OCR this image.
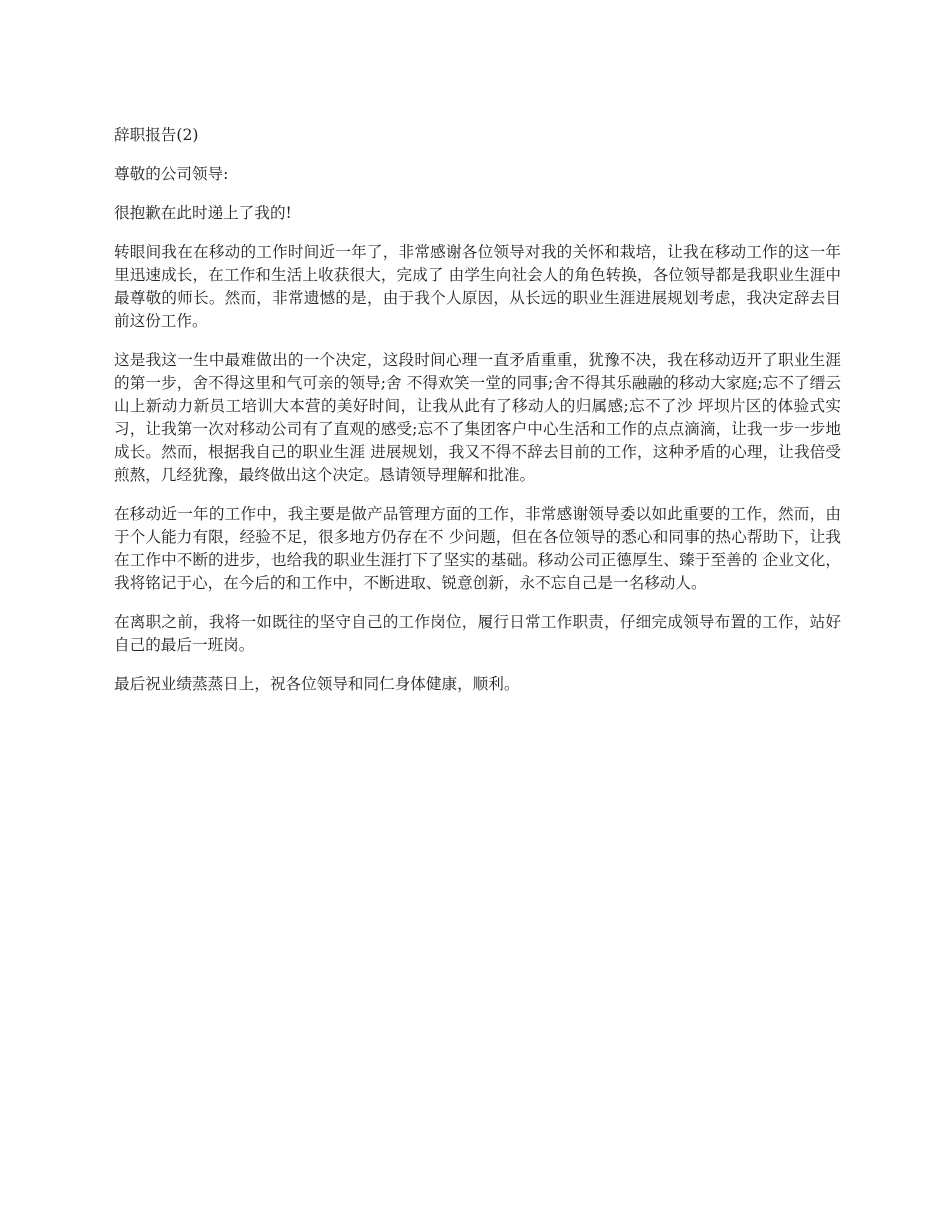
辞职报告(2)

尊敬的公司领导:

很抱歉在此时递上了我的!

转眼间我在在移动的工作时间近一年了，非常感谢各位领导对我的关怀和栽培，让我在移动工作的这一年里迅速成长，在工作和生活上收获很大，完成了 由学生向社会人的角色转换，各位领导都是我职业生涯中最尊敬的师长。然而，非常遗憾的是，由于我个人原因，从长远的职业生涯进展规划考虑，我决定辞去目前这份工作。

这是我这一生中最难做出的一个决定，这段时间心理一直矛盾重重，犹豫不决，我在移动迈开了职业生涯的第一步，舍不得这里和气可亲的领导;舍 不得欢笑一堂的同事;舍不得其乐融融的移动大家庭;忘不了缙云山上新动力新员工培训大本营的美好时间，让我从此有了移动人的归属感;忘不了沙 坪坝片区的体验式实习，让我第一次对移动公司有了直观的感受;忘不了集团客户中心生活和工作的点点滴滴，让我一步一步地成长。然而，根据我自己的职业生涯 进展规划，我又不得不辞去目前的工作，这种矛盾的心理，让我倍受煎熬，几经犹豫，最终做出这个决定。恳请领导理解和批准。

在移动近一年的工作中，我主要是做产品管理方面的工作，非常感谢领导委以如此重要的工作，然而，由于个人能力有限，经验不足，很多地方仍存在不 少问题，但在各位领导的悉心和同事的热心帮助下，让我在工作中不断的进步，也给我的职业生涯打下了坚实的基础。移动公司正德厚生、臻于至善的 企业文化，我将铭记于心，在今后的和工作中，不断进取、锐意创新，永不忘自己是一名移动人。

在离职之前，我将一如既往的坚守自己的工作岗位，履行日常工作职责，仔细完成领导布置的工作，站好自己的最后一班岗。

最后祝业绩蒸蒸日上，祝各位领导和同仁身体健康，顺利。
